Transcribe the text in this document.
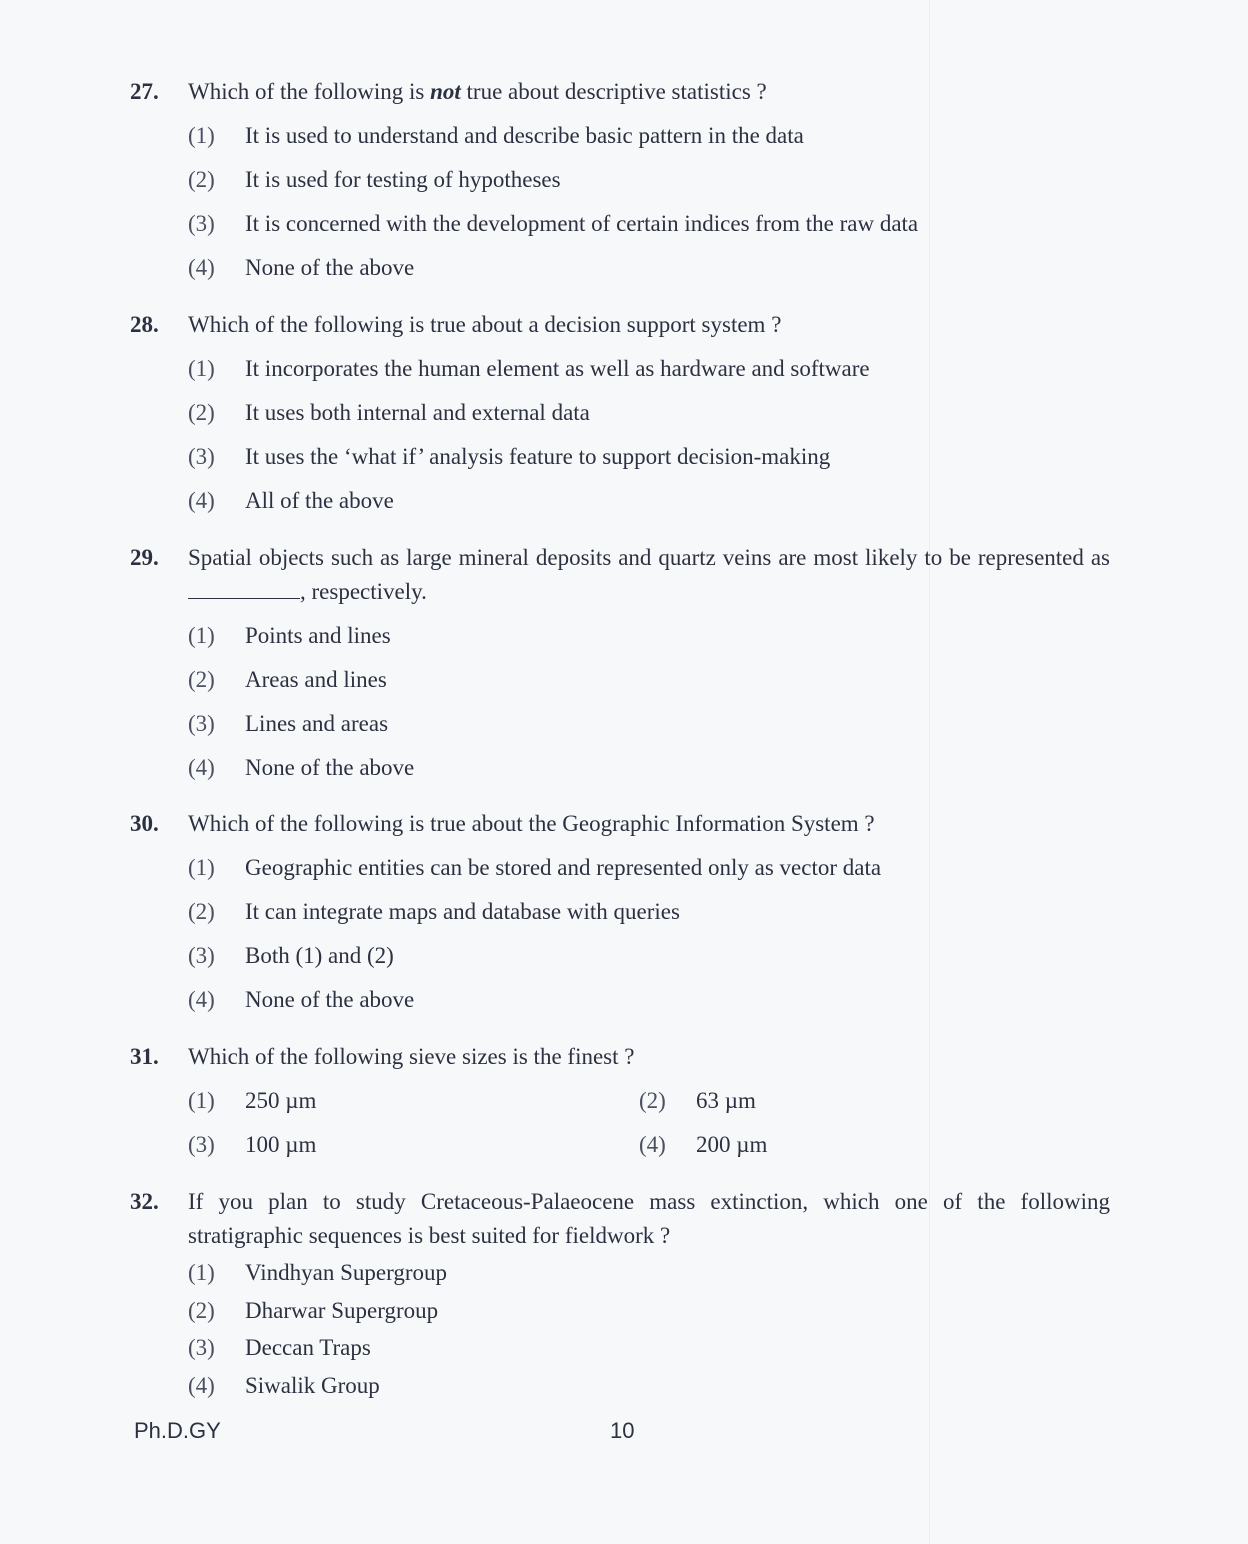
27.	Which of the following is not true about descriptive statistics ?
(1)	It is used to understand and describe basic pattern in the data
(2)	It is used for testing of hypotheses
(3)	It is concerned with the development of certain indices from the raw data
(4)	None of the above
28.	Which of the following is true about a decision support system ?
(1)	It incorporates the human element as well as hardware and software
(2)	It uses both internal and external data
(3)	It uses the ‘what if’ analysis feature to support decision-making
(4)	All of the above
29.	Spatial objects such as large mineral deposits and quartz veins are most likely to be represented as , respectively.
(1)	Points and lines
(2)	Areas and lines
(3)	Lines and areas
(4)	None of the above
30.	Which of the following is true about the Geographic Information System ?
(1)	Geographic entities can be stored and represented only as vector data
(2)	It can integrate maps and database with queries
(3)	Both (1) and (2)
(4)	None of the above
31.	Which of the following sieve sizes is the finest ?
(1)	250 µm	(2)	63 µm
(3)	100 µm	(4)	200 µm
32.	If you plan to study Cretaceous-Palaeocene mass extinction, which one of the following stratigraphic sequences is best suited for fieldwork ?
(1)	Vindhyan Supergroup
(2)	Dharwar Supergroup
(3)	Deccan Traps
(4)	Siwalik Group
Ph.D.GY	10
